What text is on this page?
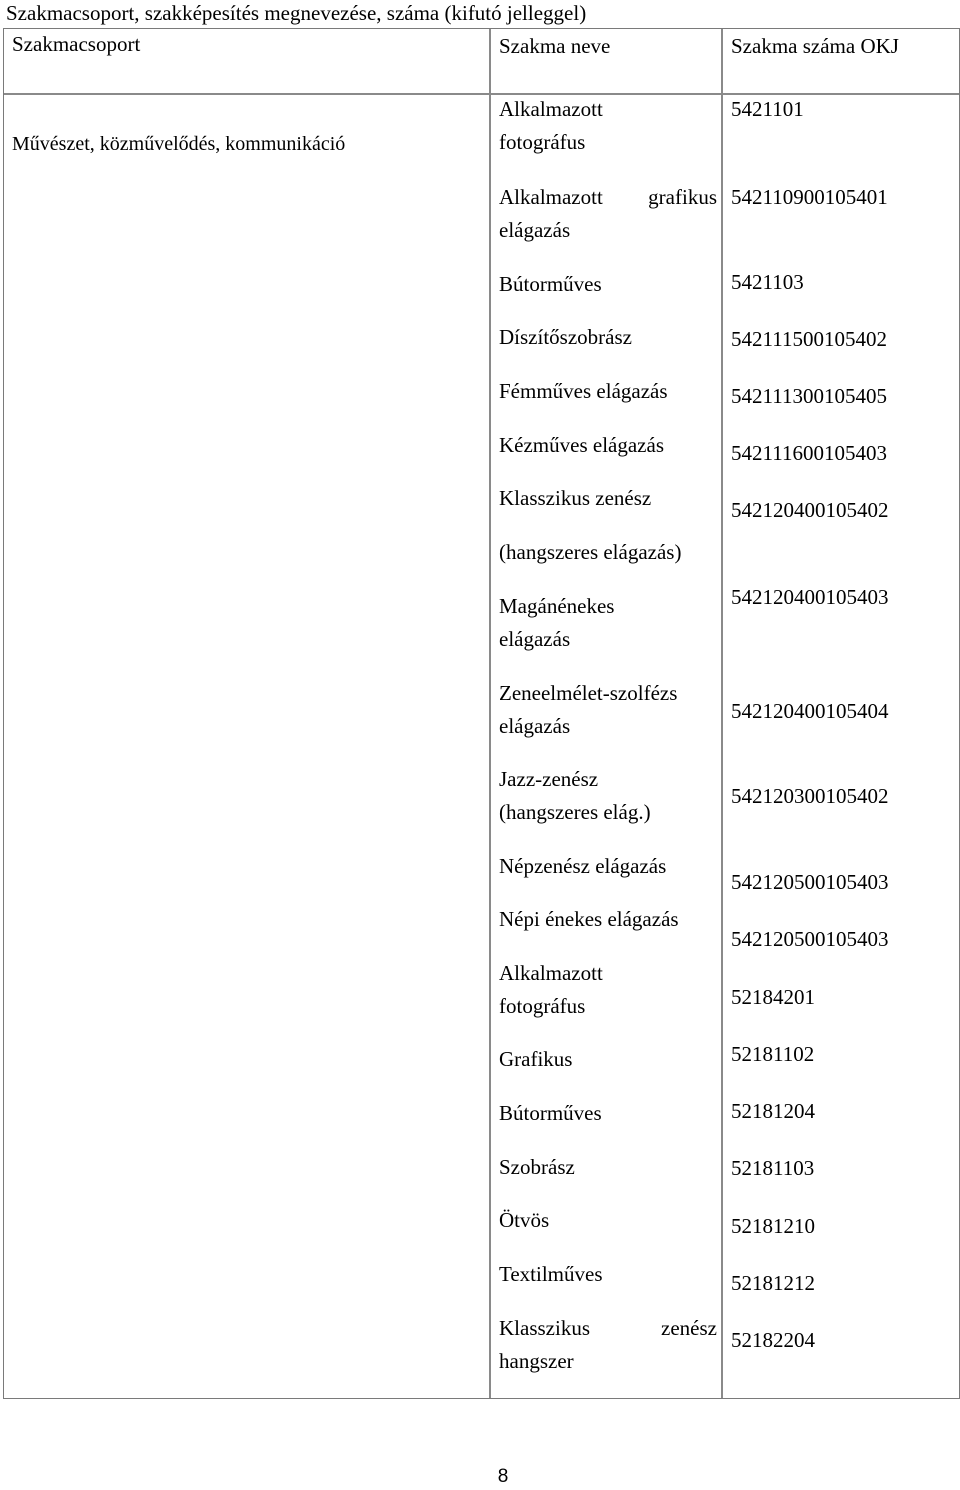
Szakmacsoport, szakképesítés megnevezése, száma (kifutó jelleggel)
Szakmacsoport	Szakma neve	Szakma száma OKJ
Művészet, közművelődés, kommunikáció
Alkalmazott
fotográfus
Alkalmazott grafikus
elágazás
Bútorműves
Díszítőszobrász
Fémműves elágazás
Kézműves elágazás
Klasszikus zenész
(hangszeres elágazás)
Magánénekes
elágazás
Zeneelmélet-szolfézs
elágazás
Jazz-zenész
(hangszeres elág.)
Népzenész elágazás
Népi énekes elágazás
Alkalmazott
fotográfus
Grafikus
Bútorműves
Szobrász
Ötvös
Textilműves
Klasszikus zenész
hangszer
5421101
542110900105401
5421103
542111500105402
542111300105405
542111600105403
542120400105402
542120400105403
542120400105404
542120300105402
542120500105403
542120500105403
52184201
52181102
52181204
52181103
52181210
52181212
52182204
8
